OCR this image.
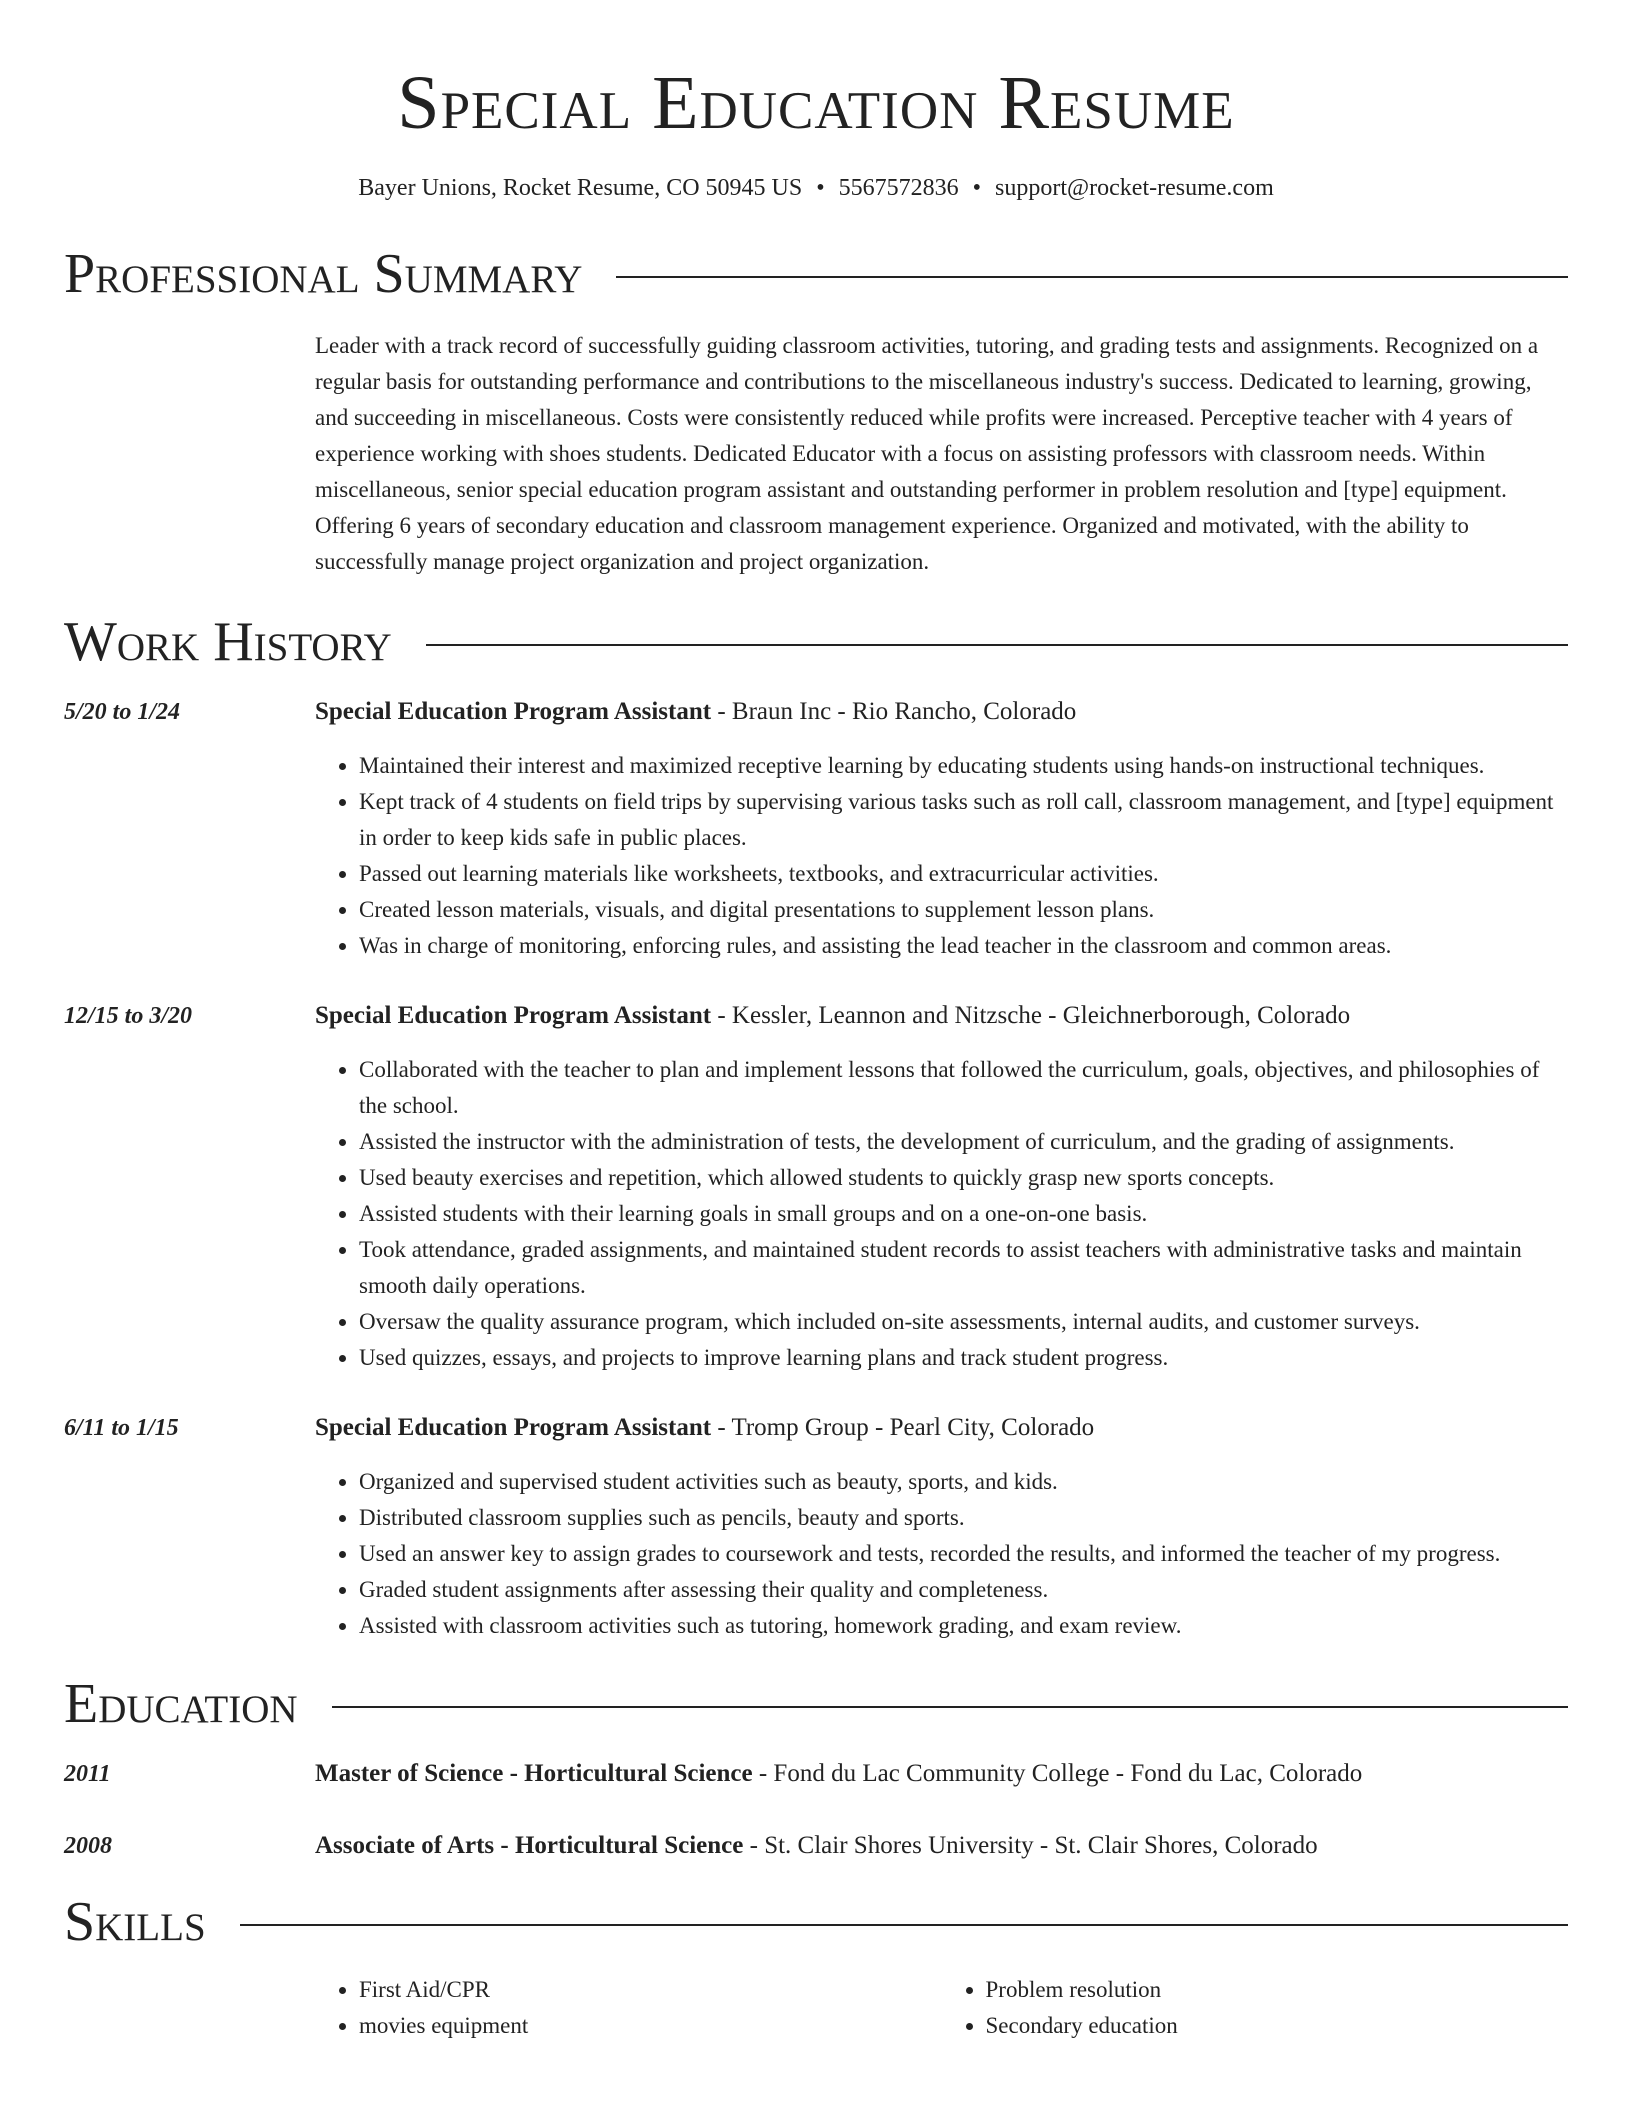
Special Education Resume
Bayer Unions, Rocket Resume, CO 50945 US • 5567572836 • support@rocket-resume.com
Professional Summary
Leader with a track record of successfully guiding classroom activities, tutoring, and grading tests and assignments. Recognized on a regular basis for outstanding performance and contributions to the miscellaneous industry's success. Dedicated to learning, growing, and succeeding in miscellaneous. Costs were consistently reduced while profits were increased. Perceptive teacher with 4 years of experience working with shoes students. Dedicated Educator with a focus on assisting professors with classroom needs. Within miscellaneous, senior special education program assistant and outstanding performer in problem resolution and [type] equipment. Offering 6 years of secondary education and classroom management experience. Organized and motivated, with the ability to successfully manage project organization and project organization.
Work History
5/20 to 1/24	Special Education Program Assistant - Braun Inc - Rio Rancho, Colorado
• Maintained their interest and maximized receptive learning by educating students using hands-on instructional techniques.
• Kept track of 4 students on field trips by supervising various tasks such as roll call, classroom management, and [type] equipment in order to keep kids safe in public places.
• Passed out learning materials like worksheets, textbooks, and extracurricular activities.
• Created lesson materials, visuals, and digital presentations to supplement lesson plans.
• Was in charge of monitoring, enforcing rules, and assisting the lead teacher in the classroom and common areas.
12/15 to 3/20	Special Education Program Assistant - Kessler, Leannon and Nitzsche - Gleichnerborough, Colorado
• Collaborated with the teacher to plan and implement lessons that followed the curriculum, goals, objectives, and philosophies of the school.
• Assisted the instructor with the administration of tests, the development of curriculum, and the grading of assignments.
• Used beauty exercises and repetition, which allowed students to quickly grasp new sports concepts.
• Assisted students with their learning goals in small groups and on a one-on-one basis.
• Took attendance, graded assignments, and maintained student records to assist teachers with administrative tasks and maintain smooth daily operations.
• Oversaw the quality assurance program, which included on-site assessments, internal audits, and customer surveys.
• Used quizzes, essays, and projects to improve learning plans and track student progress.
6/11 to 1/15	Special Education Program Assistant - Tromp Group - Pearl City, Colorado
• Organized and supervised student activities such as beauty, sports, and kids.
• Distributed classroom supplies such as pencils, beauty and sports.
• Used an answer key to assign grades to coursework and tests, recorded the results, and informed the teacher of my progress.
• Graded student assignments after assessing their quality and completeness.
• Assisted with classroom activities such as tutoring, homework grading, and exam review.
Education
2011	Master of Science - Horticultural Science - Fond du Lac Community College - Fond du Lac, Colorado
2008	Associate of Arts - Horticultural Science - St. Clair Shores University - St. Clair Shores, Colorado
Skills
• First Aid/CPR
• movies equipment
• Problem resolution
• Secondary education
